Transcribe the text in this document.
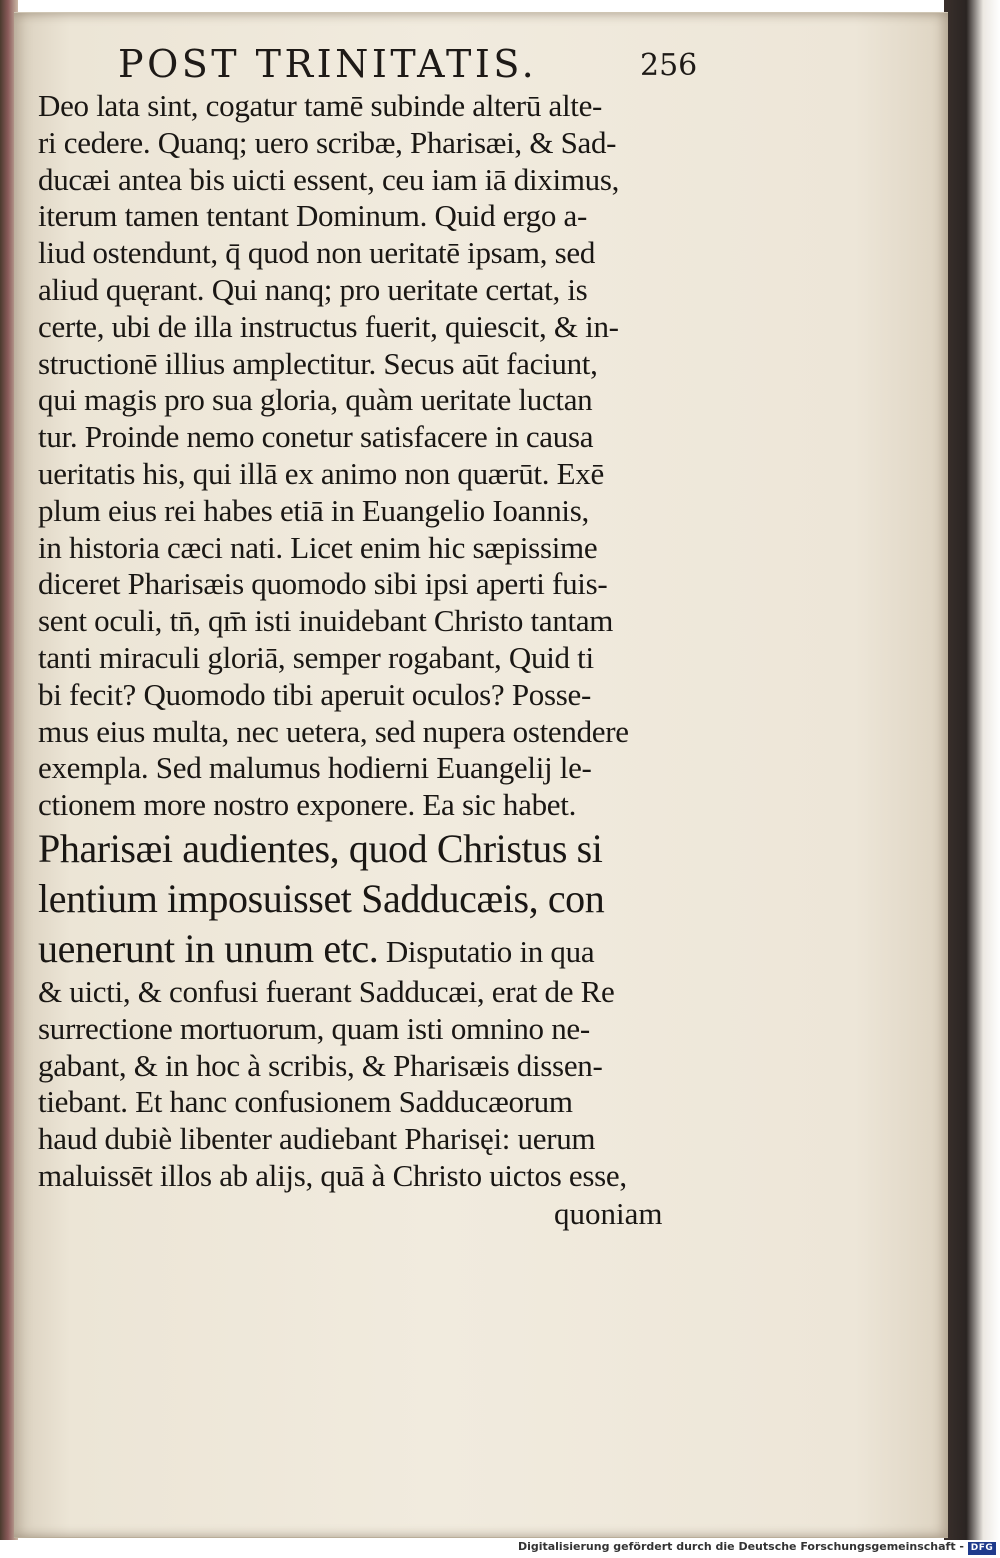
POST TRINITATIS.	256
Deo lata sint, cogatur tamē subinde alterū alte-
ri cedere. Quanq; uero scribæ, Pharisæi, & Sad-
ducæi antea bis uicti essent, ceu iam iā diximus,
iterum tamen tentant Dominum. Quid ergo a-
liud ostendunt, q̄ quod non ueritatē ipsam, sed
aliud quęrant. Qui nanq; pro ueritate certat, is
certe, ubi de illa instructus fuerit, quiescit, & in-
structionē illius amplectitur. Secus aūt faciunt,
qui magis pro sua gloria, quàm ueritate luctan
tur. Proinde nemo conetur satisfacere in causa
ueritatis his, qui illā ex animo non quærūt. Exē
plum eius rei habes etiā in Euangelio Ioannis,
in historia cæci nati. Licet enim hic sæpissime
diceret Pharisæis quomodo sibi ipsi aperti fuis-
sent oculi, tn̄, qm̄ isti inuidebant Christo tantam
tanti miraculi gloriā, semper rogabant, Quid ti
bi fecit? Quomodo tibi aperuit oculos? Posse-
mus eius multa, nec uetera, sed nupera ostendere
exempla. Sed malumus hodierni Euangelij le-
ctionem more nostro exponere. Ea sic habet.
Pharisæi audientes, quod Christus si
lentium imposuisset Sadducæis, con
uenerunt in unum etc. Disputatio in qua
& uicti, & confusi fuerant Sadducæi, erat de Re
surrectione mortuorum, quam isti omnino ne-
gabant, & in hoc à scribis, & Pharisæis dissen-
tiebant. Et hanc confusionem Sadducæorum
haud dubiè libenter audiebant Pharisęi: uerum
maluissēt illos ab alijs, quā à Christo uictos esse,
quoniam
Digitalisierung gefördert durch die Deutsche Forschungsgemeinschaft - DFG
